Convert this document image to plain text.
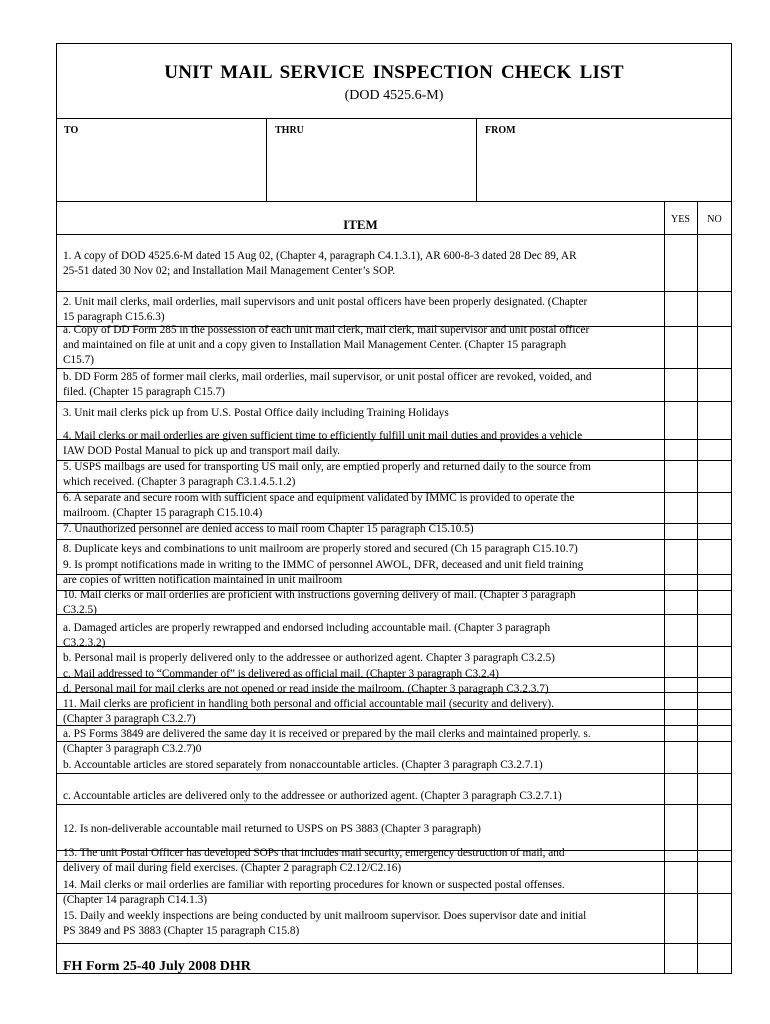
UNIT MAIL SERVICE INSPECTION CHECK LIST
(DOD 4525.6-M)
TO	THRU	FROM
ITEM	YES	NO
1. A copy of DOD 4525.6-M dated 15 Aug 02, (Chapter 4, paragraph C4.1.3.1), AR 600-8-3 dated 28 Dec 89, AR
25-51 dated 30 Nov 02; and Installation Mail Management Center’s SOP.
2. Unit mail clerks, mail orderlies, mail supervisors and unit postal officers have been properly designated. (Chapter
15 paragraph C15.6.3)
a. Copy of DD Form 285 in the possession of each unit mail clerk, mail clerk, mail supervisor and unit postal officer
and maintained on file at unit and a copy given to Installation Mail Management Center. (Chapter 15 paragraph
C15.7)
b. DD Form 285 of former mail clerks, mail orderlies, mail supervisor, or unit postal officer are revoked, voided, and
filed. (Chapter 15 paragraph C15.7)
3. Unit mail clerks pick up from U.S. Postal Office daily including Training Holidays
4. Mail clerks or mail orderlies are given sufficient time to efficiently fulfill unit mail duties and provides a vehicle
IAW DOD Postal Manual to pick up and transport mail daily.
5. USPS mailbags are used for transporting US mail only, are emptied properly and returned daily to the source from
which received. (Chapter 3 paragraph C3.1.4.5.1.2)
6. A separate and secure room with sufficient space and equipment validated by IMMC is provided to operate the
mailroom. (Chapter 15 paragraph C15.10.4)
7. Unauthorized personnel are denied access to mail room Chapter 15 paragraph C15.10.5)
8. Duplicate keys and combinations to unit mailroom are properly stored and secured (Ch 15 paragraph C15.10.7)
9. Is prompt notifications made in writing to the IMMC of personnel AWOL, DFR, deceased and unit field training
are copies of written notification maintained in unit mailroom
10. Mail clerks or mail orderlies are proficient with instructions governing delivery of mail. (Chapter 3 paragraph
C3.2.5)
a. Damaged articles are properly rewrapped and endorsed including accountable mail. (Chapter 3 paragraph
C3.2.3.2)
b. Personal mail is properly delivered only to the addressee or authorized agent. Chapter 3 paragraph C3.2.5)
c. Mail addressed to “Commander of” is delivered as official mail. (Chapter 3 paragraph C3.2.4)
d. Personal mail for mail clerks are not opened or read inside the mailroom. (Chapter 3 paragraph C3.2.3.7)
11. Mail clerks are proficient in handling both personal and official accountable mail (security and delivery).
(Chapter 3 paragraph C3.2.7)
a. PS Forms 3849 are delivered the same day it is received or prepared by the mail clerks and maintained properly. s.
(Chapter 3 paragraph C3.2.7)0
b. Accountable articles are stored separately from nonaccountable articles. (Chapter 3 paragraph C3.2.7.1)
c. Accountable articles are delivered only to the addressee or authorized agent. (Chapter 3 paragraph C3.2.7.1)
12. Is non-deliverable accountable mail returned to USPS on PS 3883 (Chapter 3 paragraph)
13. The unit Postal Officer has developed SOPs that includes mail security, emergency destruction of mail, and
delivery of mail during field exercises. (Chapter 2 paragraph C2.12/C2.16)
14. Mail clerks or mail orderlies are familiar with reporting procedures for known or suspected postal offenses.
(Chapter 14 paragraph C14.1.3)
15. Daily and weekly inspections are being conducted by unit mailroom supervisor. Does supervisor date and initial
PS 3849 and PS 3883 (Chapter 15 paragraph C15.8)
FH Form 25-40 July 2008 DHR
